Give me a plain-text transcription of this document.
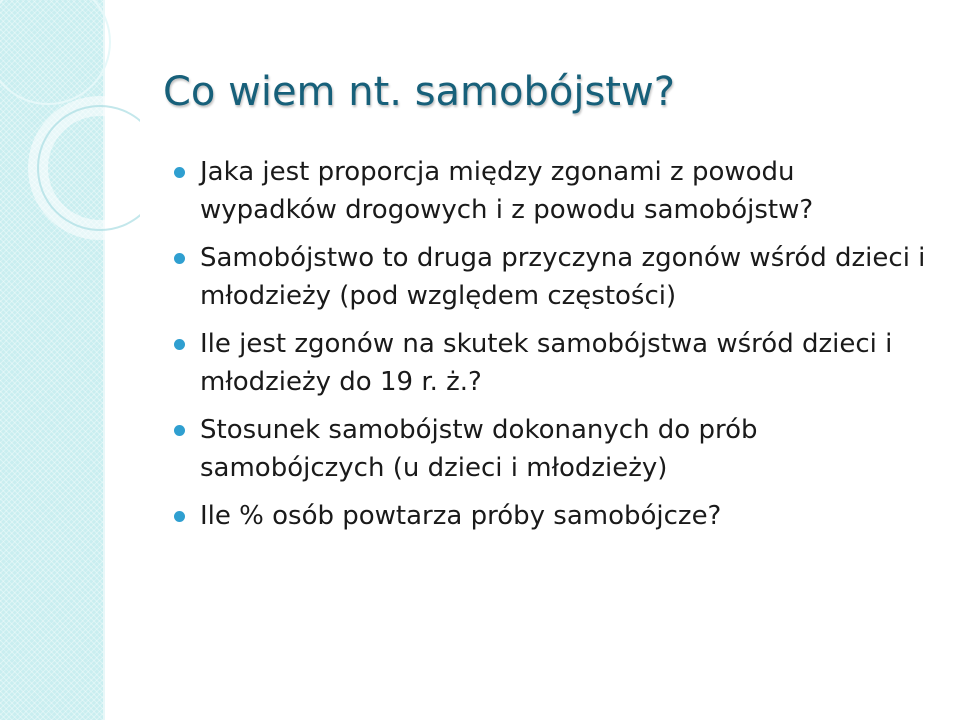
Co wiem nt. samobójstw?
Jaka jest proporcja między zgonami z powodu wypadków drogowych i z powodu samobójstw?
Samobójstwo to druga przyczyna zgonów wśród dzieci i młodzieży (pod względem częstości)
Ile jest zgonów na skutek samobójstwa wśród dzieci i młodzieży do 19 r. ż.?
Stosunek samobójstw dokonanych do prób samobójczych (u dzieci i młodzieży)
Ile % osób powtarza próby samobójcze?
